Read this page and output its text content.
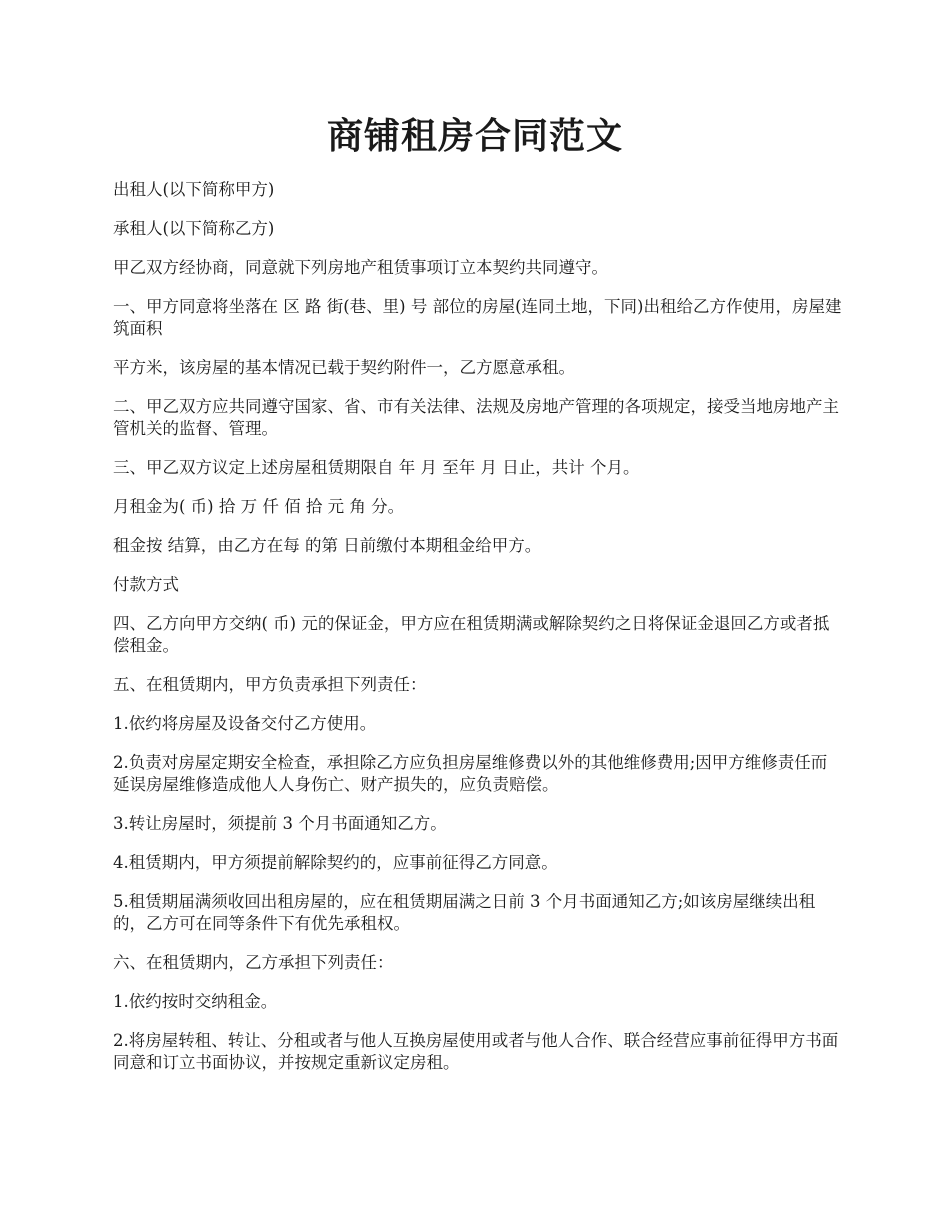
商铺租房合同范文

出租人(以下简称甲方)

承租人(以下简称乙方)

甲乙双方经协商，同意就下列房地产租赁事项订立本契约共同遵守。

一、甲方同意将坐落在 区 路 街(巷、里) 号 部位的房屋(连同土地，下同)出租给乙方作使用，房屋建筑面积

平方米，该房屋的基本情况已载于契约附件一，乙方愿意承租。

二、甲乙双方应共同遵守国家、省、市有关法律、法规及房地产管理的各项规定，接受当地房地产主管机关的监督、管理。

三、甲乙双方议定上述房屋租赁期限自 年 月 至年 月 日止，共计 个月。

月租金为( 币) 拾 万 仟 佰 拾 元 角 分。

租金按 结算，由乙方在每 的第 日前缴付本期租金给甲方。

付款方式

四、乙方向甲方交纳( 币) 元的保证金，甲方应在租赁期满或解除契约之日将保证金退回乙方或者抵偿租金。

五、在租赁期内，甲方负责承担下列责任：

1.依约将房屋及设备交付乙方使用。

2.负责对房屋定期安全检查，承担除乙方应负担房屋维修费以外的其他维修费用;因甲方维修责任而延误房屋维修造成他人人身伤亡、财产损失的，应负责赔偿。

3.转让房屋时，须提前 3 个月书面通知乙方。

4.租赁期内，甲方须提前解除契约的，应事前征得乙方同意。

5.租赁期届满须收回出租房屋的，应在租赁期届满之日前 3 个月书面通知乙方;如该房屋继续出租的，乙方可在同等条件下有优先承租权。

六、在租赁期内，乙方承担下列责任：

1.依约按时交纳租金。

2.将房屋转租、转让、分租或者与他人互换房屋使用或者与他人合作、联合经营应事前征得甲方书面同意和订立书面协议，并按规定重新议定房租。
